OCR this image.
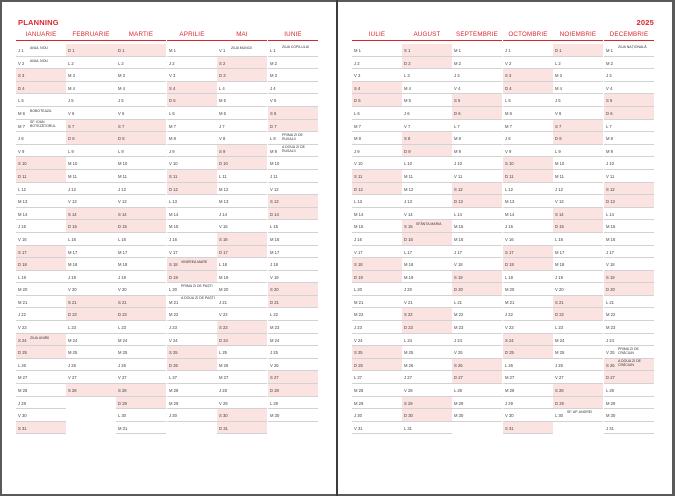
PLANNING
IANUARIE
J 1 ANUL NOU
V 2 ANUL NOU
S 3
D 4
L 5
M 6 BOBOTEAZA
M 7
SF. IOAN BOTEZĂTORUL
J 8
V 9
S 10
D 11
L 12
M 13
M 14
J 15
V 16
S 17
D 18
L 19
M 20
M 21
J 22
V 23
S 24 ZIUA UNIRII
D 25
L 26
M 27
M 28
J 29
V 30
S 31
FEBRUARIE
D 1
L 2
M 3
M 4
J 5
V 6
S 7
D 8
L 9
M 10
M 11
J 12
V 13
S 14
D 15
L 16
M 17
M 18
J 19
V 20
S 21
D 22
L 23
M 24
M 25
J 26
V 27
S 28
MARTIE
D 1
L 2
M 3
M 4
J 5
V 6
S 7
D 8
L 9
M 10
M 11
J 12
V 13
S 14
D 15
L 16
M 17
M 18
J 19
V 20
S 21
D 22
L 23
M 24
M 25
J 26
V 27
S 28
D 29
L 30
M 31
APRILIE
M 1
J 2
V 3
S 4
D 5
L 6
M 7
M 8
J 9
V 10
S 11
D 12
L 13
M 14
M 15
J 16
V 17
S 18 VINEREA MARE
D 19
L 20
PRIMA ZI DE PAȘTI
M 21
A DOUA ZI DE PAȘTI
M 22
J 23
V 24
S 25
D 26
L 27
M 28
M 29
J 30
MAI
V 1 ZIUA MUNCII
S 2
D 3
L 4
M 5
M 6
J 7
V 8
S 9
D 10
L 11
M 12
M 13
J 14
V 15
S 16
D 17
L 18
M 19
M 20
J 21
V 22
S 23
D 24
L 25
M 26
M 27
J 28
V 29
S 30
D 31
IUNIE
L 1
ZIUA COPILULUI
M 2
M 3
J 4
V 5
S 6
D 7
L 8
PRIMA ZI DE RUSALII
M 9
A DOUA ZI DE RUSALII
M 10
J 11
V 12
S 13
D 14
L 15
M 16
M 17
J 18
V 19
S 20
D 21
L 22
M 23
M 24
J 25
V 26
S 27
D 28
L 29
M 30
2025
IULIE
M 1
J 2
V 3
S 4
D 5
L 6
M 7
M 8
J 9
V 10
S 11
D 12
L 13
M 14
M 15
J 16
V 17
S 18
D 19
L 20
M 21
M 22
J 23
V 24
S 25
D 26
L 27
M 28
M 29
J 30
V 31
AUGUST
S 1
D 2
L 3
M 4
M 5
J 6
V 7
S 8
D 9
L 10
M 11
M 12
J 13
V 14
S 15 SFÂNTA MARIA
D 16
L 17
M 18
M 19
J 20
V 21
S 22
D 23
L 24
M 25
M 26
J 27
V 28
S 29
D 30
L 31
SEPTEMBRIE
M 1
M 2
J 3
V 4
S 5
D 6
L 7
M 8
M 9
J 10
V 11
S 12
D 13
L 14
M 15
M 16
J 17
V 18
S 19
D 20
L 21
M 22
M 23
J 24
V 25
S 26
D 27
L 28
M 29
M 30
OCTOMBRIE
J 1
V 2
S 3
D 4
L 5
M 6
M 7
J 8
V 9
S 10
D 11
L 12
M 13
M 14
J 15
V 16
S 17
D 18
L 19
M 20
M 21
J 22
V 23
S 24
D 25
L 26
M 27
M 28
J 29
V 30
S 31
NOIEMBRIE
D 1
L 2
M 3
M 4
J 5
V 6
S 7
D 8
L 9
M 10
M 11
J 12
V 13
S 14
D 15
L 16
M 17
M 18
J 19
V 20
S 21
D 22
L 23
M 24
M 25
J 26
V 27
S 28
D 29
L 30
SF. AP. ANDREI
DECEMBRIE
M 1
ZIUA NAȚIONALĂ
M 2
J 3
V 4
S 5
D 6
L 7
M 8
M 9
J 10
V 11
S 12
D 13
L 14
M 15
M 16
J 17
V 18
S 19
D 20
L 21
M 22
M 23
J 24
V 25
PRIMA ZI DE CRĂCIUN
S 26
A DOUA ZI DE CRĂCIUN
D 27
L 28
M 29
M 30
J 31
